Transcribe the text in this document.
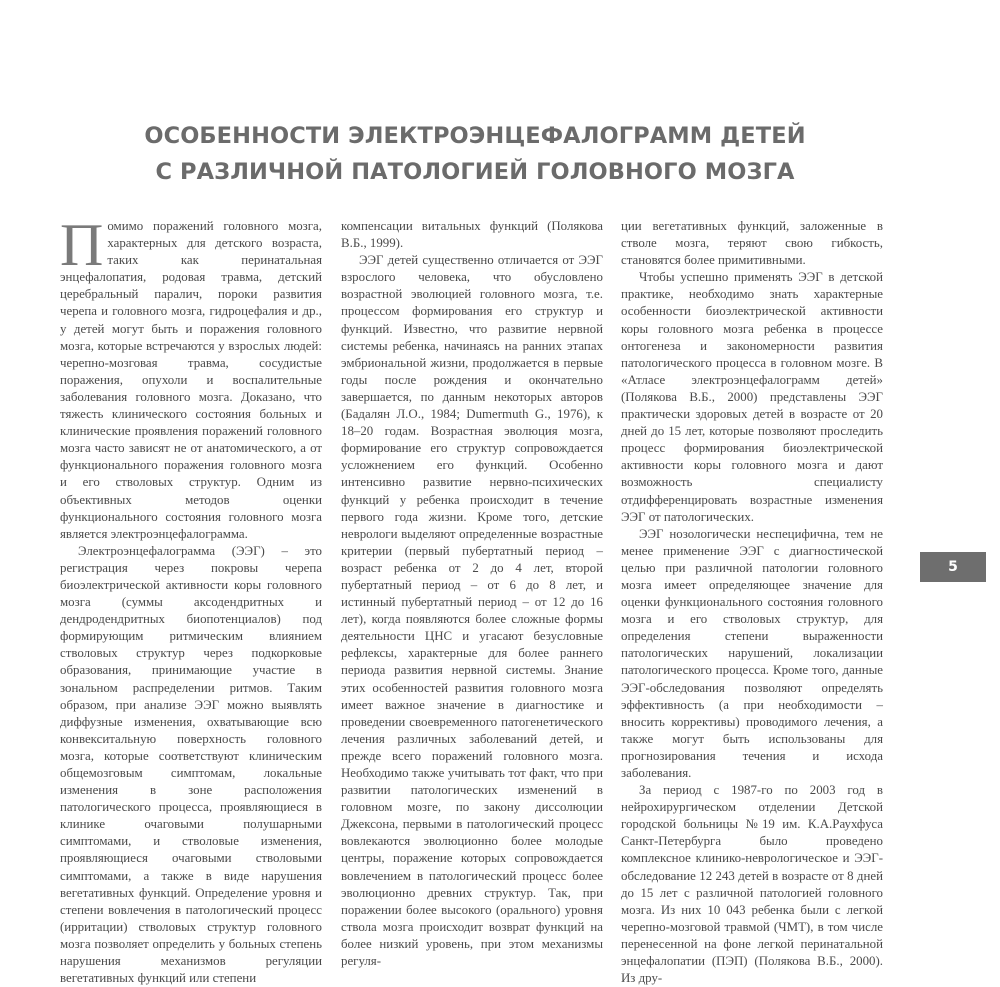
ОСОБЕННОСТИ ЭЛЕКТРОЭНЦЕФАЛОГРАММ ДЕТЕЙ
С РАЗЛИЧНОЙ ПАТОЛОГИЕЙ ГОЛОВНОГО МОЗГА

Помимо поражений головного мозга, характерных для детского возраста, таких как перинатальная энцефалопатия, родовая травма, детский церебральный паралич, пороки развития черепа и головного мозга, гидроцефалия и др., у детей могут быть и поражения головного мозга, которые встречаются у взрослых людей: черепно-мозговая травма, сосудистые поражения, опухоли и воспалительные заболевания головного мозга. Доказано, что тяжесть клинического состояния больных и клинические проявления поражений головного мозга часто зависят не от анатомического, а от функционального поражения головного мозга и его стволовых структур. Одним из объективных методов оценки функционального состояния головного мозга является электроэнцефалограмма.

Электроэнцефалограмма (ЭЭГ) – это регистрация через покровы черепа биоэлектрической активности коры головного мозга (суммы аксодендритных и дендродендритных биопотенциалов) под формирующим ритмическим влиянием стволовых структур через подкорковые образования, принимающие участие в зональном распределении ритмов. Таким образом, при анализе ЭЭГ можно выявлять диффузные изменения, охватывающие всю конвекситальную поверхность головного мозга, которые соответствуют клиническим общемозговым симптомам, локальные изменения в зоне расположения патологического процесса, проявляющиеся в клинике очаговыми полушарными симптомами, и стволовые изменения, проявляющиеся очаговыми стволовыми симптомами, а также в виде нарушения вегетативных функций. Определение уровня и степени вовлечения в патологический процесс (ирритации) стволовых структур головного мозга позволяет определить у больных степень нарушения механизмов регуляции вегетативных функций или степени

компенсации витальных функций (Полякова В.Б., 1999).

ЭЭГ детей существенно отличается от ЭЭГ взрослого человека, что обусловлено возрастной эволюцией головного мозга, т.е. процессом формирования его структур и функций. Известно, что развитие нервной системы ребенка, начинаясь на ранних этапах эмбриональной жизни, продолжается в первые годы после рождения и окончательно завершается, по данным некоторых авторов (Бадалян Л.О., 1984; Dumermuth G., 1976), к 18–20 годам. Возрастная эволюция мозга, формирование его структур сопровождается усложнением его функций. Особенно интенсивно развитие нервно-психических функций у ребенка происходит в течение первого года жизни. Кроме того, детские неврологи выделяют определенные возрастные критерии (первый пубертатный период – возраст ребенка от 2 до 4 лет, второй пубертатный период – от 6 до 8 лет, и истинный пубертатный период – от 12 до 16 лет), когда появляются более сложные формы деятельности ЦНС и угасают безусловные рефлексы, характерные для более раннего периода развития нервной системы. Знание этих особенностей развития головного мозга имеет важное значение в диагностике и проведении своевременного патогенетического лечения различных заболеваний детей, и прежде всего поражений головного мозга. Необходимо также учитывать тот факт, что при развитии патологических изменений в головном мозге, по закону диссолюции Джексона, первыми в патологический процесс вовлекаются эволюционно более молодые центры, поражение которых сопровождается вовлечением в патологический процесс более эволюционно древних структур. Так, при поражении более высокого (орального) уровня ствола мозга происходит возврат функций на более низкий уровень, при этом механизмы регуля-

ции вегетативных функций, заложенные в стволе мозга, теряют свою гибкость, становятся более примитивными.

Чтобы успешно применять ЭЭГ в детской практике, необходимо знать характерные особенности биоэлектрической активности коры головного мозга ребенка в процессе онтогенеза и закономерности развития патологического процесса в головном мозге. В «Атласе электроэнцефалограмм детей» (Полякова В.Б., 2000) представлены ЭЭГ практически здоровых детей в возрасте от 20 дней до 15 лет, которые позволяют проследить процесс формирования биоэлектрической активности коры головного мозга и дают возможность специалисту отдифференцировать возрастные изменения ЭЭГ от патологических.

ЭЭГ нозологически неспецифична, тем не менее применение ЭЭГ с диагностической целью при различной патологии головного мозга имеет определяющее значение для оценки функционального состояния головного мозга и его стволовых структур, для определения степени выраженности патологических нарушений, локализации патологического процесса. Кроме того, данные ЭЭГ-обследования позволяют определять эффективность (а при необходимости – вносить коррективы) проводимого лечения, а также могут быть использованы для прогнозирования течения и исхода заболевания.

За период с 1987-го по 2003 год в нейрохирургическом отделении Детской городской больницы №19 им. К.А.Раухфуса Санкт-Петербурга было проведено комплексное клинико-неврологическое и ЭЭГ-обследование 12 243 детей в возрасте от 8 дней до 15 лет с различной патологией головного мозга. Из них 10 043 ребенка были с легкой черепно-мозговой травмой (ЧМТ), в том числе перенесенной на фоне легкой перинатальной энцефалопатии (ПЭП) (Полякова В.Б., 2000). Из дру-

5
